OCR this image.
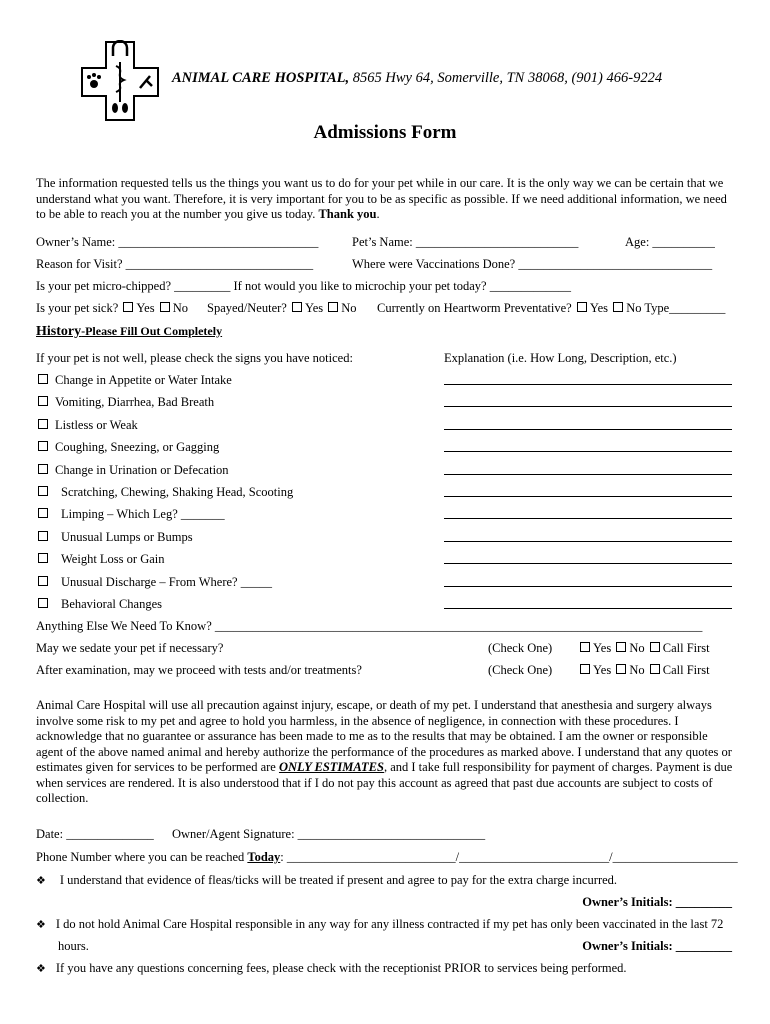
ANIMAL CARE HOSPITAL, 8565 Hwy 64, Somerville, TN 38068, (901) 466-9224
Admissions Form
The information requested tells us the things you want us to do for your pet while in our care. It is the only way we can be certain that we understand what you want. Therefore, it is very important for you to be as specific as possible. If we need additional information, we need to be able to reach you at the number you give us today. Thank you.
Owner’s Name: ________________________________	Pet’s Name: __________________________	Age: __________
Reason for Visit? ______________________________	Where were Vaccinations Done? _______________________________
Is your pet micro-chipped? _________ If not would you like to microchip your pet today? _____________
Is your pet sick? Yes No Spayed/Neuter? Yes No Currently on Heartworm Preventative? Yes No Type_________
History-Please Fill Out Completely
If your pet is not well, please check the signs you have noticed:	Explanation (i.e. How Long, Description, etc.)
Change in Appetite or Water Intake
Vomiting, Diarrhea, Bad Breath
Listless or Weak
Coughing, Sneezing, or Gagging
Change in Urination or Defecation
Scratching, Chewing, Shaking Head, Scooting
Limping – Which Leg? _______
Unusual Lumps or Bumps
Weight Loss or Gain
Unusual Discharge – From Where? _____
Behavioral Changes
Anything Else We Need To Know? ______________________________________________________________________________
May we sedate your pet if necessary?	(Check One)	Yes No Call First
After examination, may we proceed with tests and/or treatments?	(Check One)	Yes No Call First
Animal Care Hospital will use all precaution against injury, escape, or death of my pet. I understand that anesthesia and surgery always involve some risk to my pet and agree to hold you harmless, in the absence of negligence, in connection with these procedures. I acknowledge that no guarantee or assurance has been made to me as to the results that may be obtained. I am the owner or responsible agent of the above named animal and hereby authorize the performance of the procedures as marked above. I understand that any quotes or estimates given for services to be performed are ONLY ESTIMATES, and I take full responsibility for payment of charges. Payment is due when services are rendered. It is also understood that if I do not pay this account as agreed that past due accounts are subject to costs of collection.
Date: ______________ Owner/Agent Signature: ______________________________
Phone Number where you can be reached Today: ___________________________/________________________/____________________
❖ I understand that evidence of fleas/ticks will be treated if present and agree to pay for the extra charge incurred.
Owner’s Initials: _________
❖ I do not hold Animal Care Hospital responsible in any way for any illness contracted if my pet has only been vaccinated in the last 72
hours.	Owner’s Initials: _________
❖ If you have any questions concerning fees, please check with the receptionist PRIOR to services being performed.
